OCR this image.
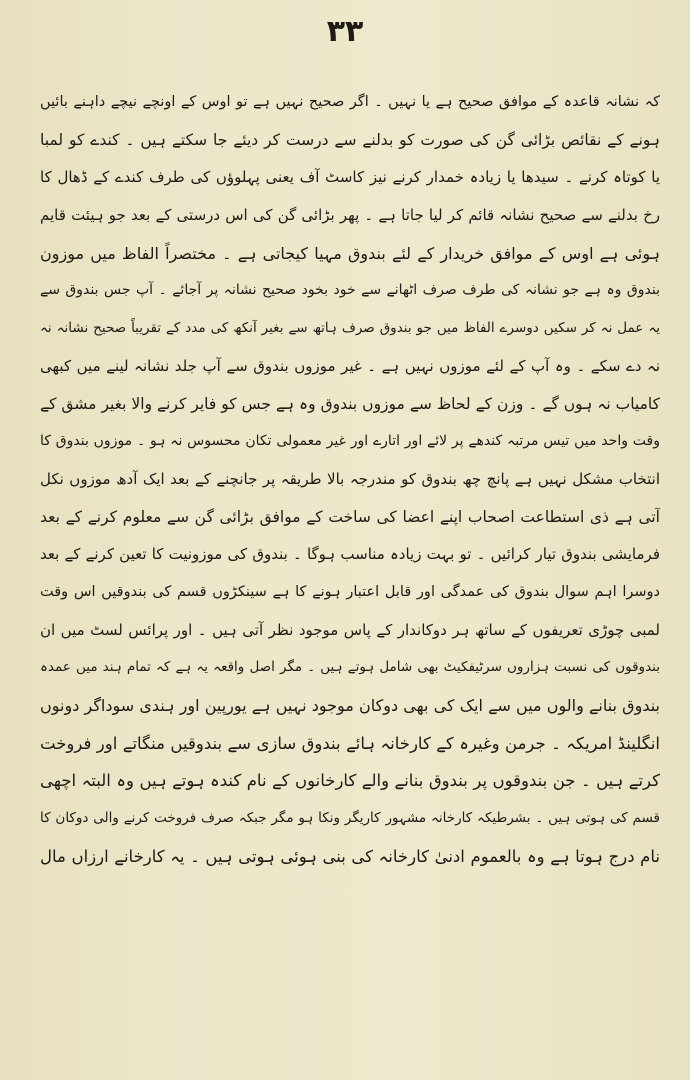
۳۳
کہ نشانہ قاعدہ کے موافق صحیح ہے یا نہیں ۔ اگر صحیح نہیں ہے تو اوس کے اونچے نیچے داہنے بائیں
ہونے کے نقائص بڑائی گن کی صورت کو بدلنے سے درست کر دیئے جا سکتے ہیں ۔ کندے کو لمبا
یا کوتاہ کرنے ۔ سیدھا یا زیادہ خمدار کرنے نیز کاسٹ آف یعنی پہلوؤں کی طرف کندے کے ڈھال کا
رخ بدلنے سے صحیح نشانہ قائم کر لیا جاتا ہے ۔ پھر بڑائی گن کی اس درستی کے بعد جو ہیئت قایم
ہوئی ہے اوس کے موافق خریدار کے لئے بندوق مہیا کیجاتی ہے ۔ مختصراً الفاظ میں موزون
بندوق وہ ہے جو نشانہ کی طرف صرف اٹھانے سے خود بخود صحیح نشانہ پر آجائے ۔ آپ جس بندوق سے
یہ عمل نہ کر سکیں دوسرے الفاظ میں جو بندوق صرف ہاتھ سے بغیر آنکھ کی مدد کے تقریباً صحیح نشانہ نہ
نہ دے سکے ۔ وہ آپ کے لئے موزوں نہیں ہے ۔ غیر موزوں بندوق سے آپ جلد نشانہ لینے میں کبھی
کامیاب نہ ہوں گے ۔ وزن کے لحاظ سے موزوں بندوق وہ ہے جس کو فایر کرنے والا بغیر مشق کے
وقت واحد میں تیس مرتبہ کندھے پر لائے اور اتارے اور غیر معمولی تکان محسوس نہ ہو ۔ موزوں بندوق کا
انتخاب مشکل نہیں ہے پانچ چھ بندوق کو مندرجہ بالا طریقہ پر جانچنے کے بعد ایک آدھ موزوں نکل
آتی ہے ذی استطاعت اصحاب اپنے اعضا کی ساخت کے موافق بڑائی گن سے معلوم کرنے کے بعد
فرمایشی بندوق تیار کرائیں ۔ تو بہت زیادہ مناسب ہوگا ۔ بندوق کی موزونیت کا تعین کرنے کے بعد
دوسرا اہم سوال بندوق کی عمدگی اور قابل اعتبار ہونے کا ہے سینکڑوں قسم کی بندوقیں اس وقت
لمبی چوڑی تعریفوں کے ساتھ ہر دوکاندار کے پاس موجود نظر آتی ہیں ۔ اور پرائس لسٹ میں ان
بندوقوں کی نسبت ہزاروں سرٹیفکیٹ بھی شامل ہوتے ہیں ۔ مگر اصل واقعہ یہ ہے کہ تمام ہند میں عمدہ
بندوق بنانے والوں میں سے ایک کی بھی دوکان موجود نہیں ہے یورپین اور ہندی سوداگر دونوں
انگلینڈ امریکہ ۔ جرمن وغیرہ کے کارخانہ ہائے بندوق سازی سے بندوقیں منگاتے اور فروخت
کرتے ہیں ۔ جن بندوقوں پر بندوق بنانے والے کارخانوں کے نام کندہ ہوتے ہیں وہ البتہ اچھی
قسم کی ہوتی ہیں ۔ بشرطیکہ کارخانہ مشہور کاریگر ونکا ہو مگر جبکہ صرف فروخت کرنے والی دوکان کا
نام درج ہوتا ہے وہ بالعموم ادنیٰ کارخانہ کی بنی ہوئی ہوتی ہیں ۔ یہ کارخانے ارزاں مال
